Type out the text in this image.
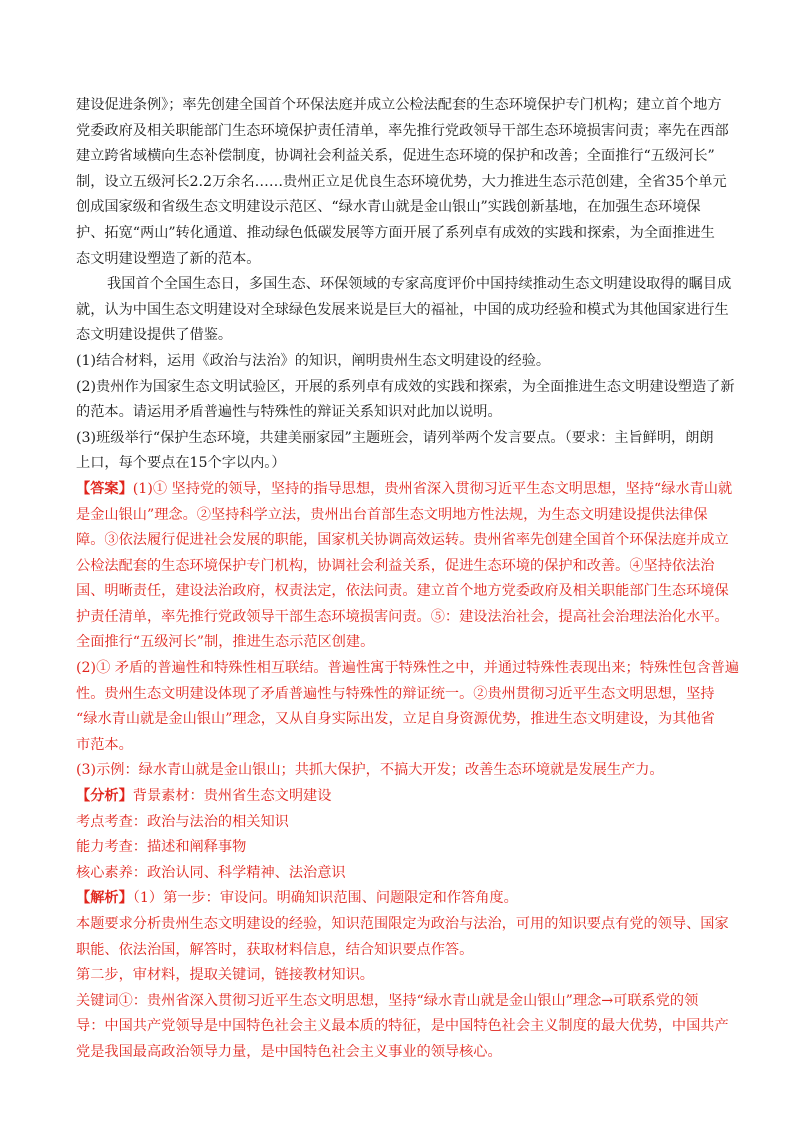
建设促进条例》；率先创建全国首个环保法庭并成立公检法配套的生态环境保护专门机构；建立首个地方
党委政府及相关职能部门生态环境保护责任清单，率先推行党政领导干部生态环境损害问责；率先在西部
建立跨省域横向生态补偿制度，协调社会利益关系，促进生态环境的保护和改善；全面推行“五级河长”
制，设立五级河长2.2万余名……贵州正立足优良生态环境优势，大力推进生态示范创建，全省35个单元
创成国家级和省级生态文明建设示范区、“绿水青山就是金山银山”实践创新基地，在加强生态环境保
护、拓宽“两山”转化通道、推动绿色低碳发展等方面开展了系列卓有成效的实践和探索，为全面推进生
态文明建设塑造了新的范本。
我国首个全国生态日，多国生态、环保领域的专家高度评价中国持续推动生态文明建设取得的瞩目成
就，认为中国生态文明建设对全球绿色发展来说是巨大的福祉，中国的成功经验和模式为其他国家进行生
态文明建设提供了借鉴。
(1)结合材料，运用《政治与法治》的知识，阐明贵州生态文明建设的经验。
(2)贵州作为国家生态文明试验区，开展的系列卓有成效的实践和探索，为全面推进生态文明建设塑造了新
的范本。请运用矛盾普遍性与特殊性的辩证关系知识对此加以说明。
(3)班级举行“保护生态环境，共建美丽家园”主题班会，请列举两个发言要点。（要求：主旨鲜明，朗朗
上口，每个要点在15个字以内。）
【答案】(1)① 坚持党的领导，坚持的指导思想，贵州省深入贯彻习近平生态文明思想，坚持“绿水青山就
是金山银山”理念。②坚持科学立法，贵州出台首部生态文明地方性法规，为生态文明建设提供法律保
障。③依法履行促进社会发展的职能，国家机关协调高效运转。贵州省率先创建全国首个环保法庭并成立
公检法配套的生态环境保护专门机构，协调社会利益关系，促进生态环境的保护和改善。④坚持依法治
国、明晰责任，建设法治政府，权责法定，依法问责。建立首个地方党委政府及相关职能部门生态环境保
护责任清单，率先推行党政领导干部生态环境损害问责。⑤：建设法治社会，提高社会治理法治化水平。
全面推行“五级河长”制，推进生态示范区创建。
(2)① 矛盾的普遍性和特殊性相互联结。普遍性寓于特殊性之中，并通过特殊性表现出来；特殊性包含普遍
性。贵州生态文明建设体现了矛盾普遍性与特殊性的辩证统一。②贵州贯彻习近平生态文明思想，坚持
“绿水青山就是金山银山”理念，又从自身实际出发，立足自身资源优势，推进生态文明建设，为其他省
市范本。
(3)示例：绿水青山就是金山银山；共抓大保护，不搞大开发；改善生态环境就是发展生产力。
【分析】背景素材：贵州省生态文明建设
考点考查：政治与法治的相关知识
能力考查：描述和阐释事物
核心素养：政治认同、科学精神、法治意识
【解析】（1）第一步：审设问。明确知识范围、问题限定和作答角度。
本题要求分析贵州生态文明建设的经验，知识范围限定为政治与法治，可用的知识要点有党的领导、国家
职能、依法治国，解答时，获取材料信息，结合知识要点作答。
第二步，审材料，提取关键词，链接教材知识。
关键词①：贵州省深入贯彻习近平生态文明思想，坚持“绿水青山就是金山银山”理念→可联系党的领
导：中国共产党领导是中国特色社会主义最本质的特征，是中国特色社会主义制度的最大优势，中国共产
党是我国最高政治领导力量，是中国特色社会主义事业的领导核心。
